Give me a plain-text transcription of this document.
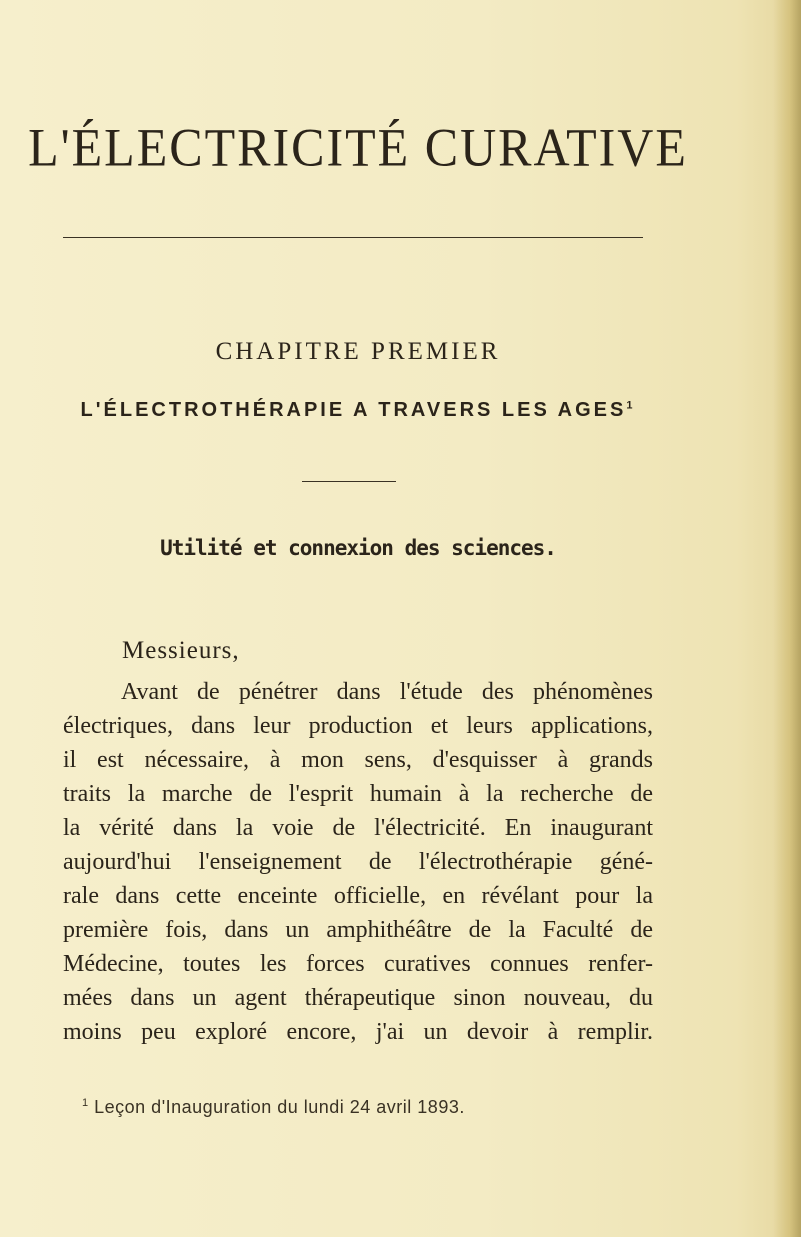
L'ÉLECTRICITÉ CURATIVE
CHAPITRE PREMIER
L'ÉLECTROTHÉRAPIE A TRAVERS LES AGES$^1$
Utilité et connexion des sciences.
Messieurs,
Avant de pénétrer dans l'étude des phénomènes
électriques, dans leur production et leurs applications,
il est nécessaire, à mon sens, d'esquisser à grands
traits la marche de l'esprit humain à la recherche de
la vérité dans la voie de l'électricité. En inaugurant
aujourd'hui l'enseignement de l'électrothérapie géné-
rale dans cette enceinte officielle, en révélant pour la
première fois, dans un amphithéâtre de la Faculté de
Médecine, toutes les forces curatives connues renfer-
mées dans un agent thérapeutique sinon nouveau, du
moins peu exploré encore, j'ai un devoir à remplir.
$^1$ Leçon d'Inauguration du lundi 24 avril 1893.
